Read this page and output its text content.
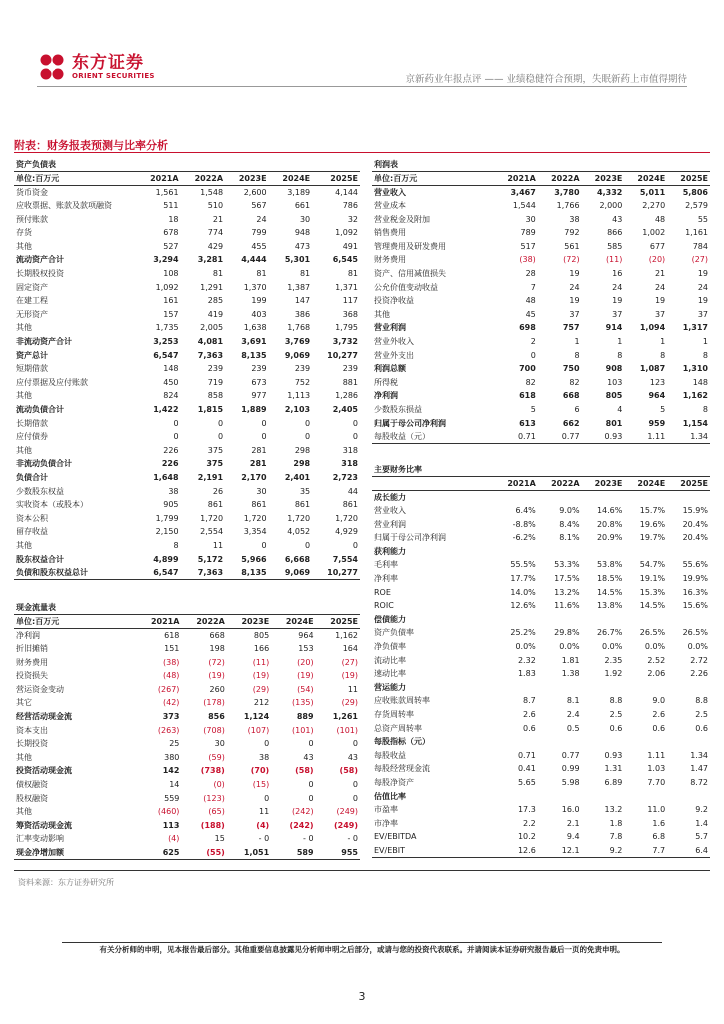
东方证券
ORIENT SECURITIES	京新药业年报点评 —— 业绩稳健符合预期，失眠新药上市值得期待
附表：财务报表预测与比率分析
资产负债表					
单位:百万元	2021A	2022A	2023E	2024E	2025E
货币资金	1,561	1,548	2,600	3,189	4,144
应收票据、账款及款项融资	511	510	567	661	786
预付账款	18	21	24	30	32
存货	678	774	799	948	1,092
其他	527	429	455	473	491
流动资产合计	3,294	3,281	4,444	5,301	6,545
长期股权投资	108	81	81	81	81
固定资产	1,092	1,291	1,370	1,387	1,371
在建工程	161	285	199	147	117
无形资产	157	419	403	386	368
其他	1,735	2,005	1,638	1,768	1,795
非流动资产合计	3,253	4,081	3,691	3,769	3,732
资产总计	6,547	7,363	8,135	9,069	10,277
短期借款	148	239	239	239	239
应付票据及应付账款	450	719	673	752	881
其他	824	858	977	1,113	1,286
流动负债合计	1,422	1,815	1,889	2,103	2,405
长期借款	0	0	0	0	0
应付债券	0	0	0	0	0
其他	226	375	281	298	318
非流动负债合计	226	375	281	298	318
负债合计	1,648	2,191	2,170	2,401	2,723
少数股东权益	38	26	30	35	44
实收资本（或股本）	905	861	861	861	861
资本公积	1,799	1,720	1,720	1,720	1,720
留存收益	2,150	2,554	3,354	4,052	4,929
其他	8	11	0	0	0
股东权益合计	4,899	5,172	5,966	6,668	7,554
负债和股东权益总计	6,547	7,363	8,135	9,069	10,277
现金流量表					
单位:百万元	2021A	2022A	2023E	2024E	2025E
净利润	618	668	805	964	1,162
折旧摊销	151	198	166	153	164
财务费用	(38)	(72)	(11)	(20)	(27)
投资损失	(48)	(19)	(19)	(19)	(19)
营运资金变动	(267)	260	(29)	(54)	11
其它	(42)	(178)	212	(135)	(29)
经营活动现金流	373	856	1,124	889	1,261
资本支出	(263)	(708)	(107)	(101)	(101)
长期投资	25	30	0	0	0
其他	380	(59)	38	43	43
投资活动现金流	142	(738)	(70)	(58)	(58)
债权融资	14	(0)	(15)	0	0
股权融资	559	(123)	0	0	0
其他	(460)	(65)	11	(242)	(249)
筹资活动现金流	113	(188)	(4)	(242)	(249)
汇率变动影响	(4)	15	- 0	- 0	- 0
现金净增加额	625	(55)	1,051	589	955
利润表					
单位:百万元	2021A	2022A	2023E	2024E	2025E
营业收入	3,467	3,780	4,332	5,011	5,806
营业成本	1,544	1,766	2,000	2,270	2,579
营业税金及附加	30	38	43	48	55
销售费用	789	792	866	1,002	1,161
管理费用及研发费用	517	561	585	677	784
财务费用	(38)	(72)	(11)	(20)	(27)
资产、信用减值损失	28	19	16	21	19
公允价值变动收益	7	24	24	24	24
投资净收益	48	19	19	19	19
其他	45	37	37	37	37
营业利润	698	757	914	1,094	1,317
营业外收入	2	1	1	1	1
营业外支出	0	8	8	8	8
利润总额	700	750	908	1,087	1,310
所得税	82	82	103	123	148
净利润	618	668	805	964	1,162
少数股东损益	5	6	4	5	8
归属于母公司净利润	613	662	801	959	1,154
每股收益（元）	0.71	0.77	0.93	1.11	1.34
主要财务比率					
	2021A	2022A	2023E	2024E	2025E
成长能力					
营业收入	6.4%	9.0%	14.6%	15.7%	15.9%
营业利润	-8.8%	8.4%	20.8%	19.6%	20.4%
归属于母公司净利润	-6.2%	8.1%	20.9%	19.7%	20.4%
获利能力					
毛利率	55.5%	53.3%	53.8%	54.7%	55.6%
净利率	17.7%	17.5%	18.5%	19.1%	19.9%
ROE	14.0%	13.2%	14.5%	15.3%	16.3%
ROIC	12.6%	11.6%	13.8%	14.5%	15.6%
偿债能力					
资产负债率	25.2%	29.8%	26.7%	26.5%	26.5%
净负债率	0.0%	0.0%	0.0%	0.0%	0.0%
流动比率	2.32	1.81	2.35	2.52	2.72
速动比率	1.83	1.38	1.92	2.06	2.26
营运能力					
应收账款周转率	8.7	8.1	8.8	9.0	8.8
存货周转率	2.6	2.4	2.5	2.6	2.5
总资产周转率	0.6	0.5	0.6	0.6	0.6
每股指标（元）					
每股收益	0.71	0.77	0.93	1.11	1.34
每股经营现金流	0.41	0.99	1.31	1.03	1.47
每股净资产	5.65	5.98	6.89	7.70	8.72
估值比率					
市盈率	17.3	16.0	13.2	11.0	9.2
市净率	2.2	2.1	1.8	1.6	1.4
EV/EBITDA	10.2	9.4	7.8	6.8	5.7
EV/EBIT	12.6	12.1	9.2	7.7	6.4
资料来源：东方证券研究所
有关分析师的申明，见本报告最后部分。其他重要信息披露见分析师申明之后部分，或请与您的投资代表联系。并请阅读本证券研究报告最后一页的免责申明。
3
